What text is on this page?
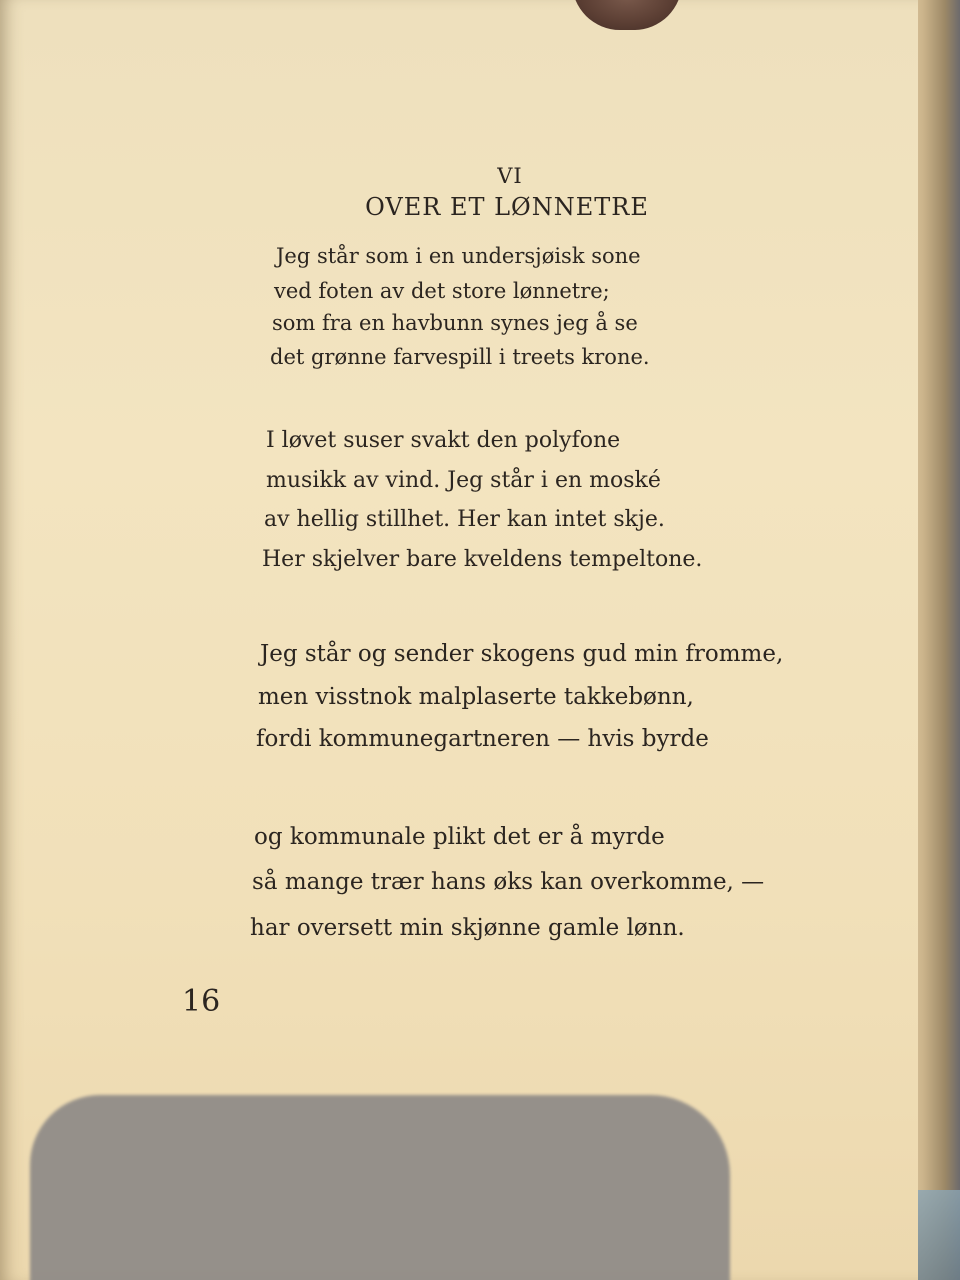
VI
OVER ET LØNNETRE
Jeg står som i en undersjøisk sone
ved foten av det store lønnetre;
som fra en havbunn synes jeg å se
det grønne farvespill i treets krone.
I løvet suser svakt den polyfone
musikk av vind. Jeg står i en moské
av hellig stillhet. Her kan intet skje.
Her skjelver bare kveldens tempeltone.
Jeg står og sender skogens gud min fromme,
men visstnok malplaserte takkebønn,
fordi kommunegartneren — hvis byrde
og kommunale plikt det er å myrde
så mange trær hans øks kan overkomme, —
har oversett min skjønne gamle lønn.
16
